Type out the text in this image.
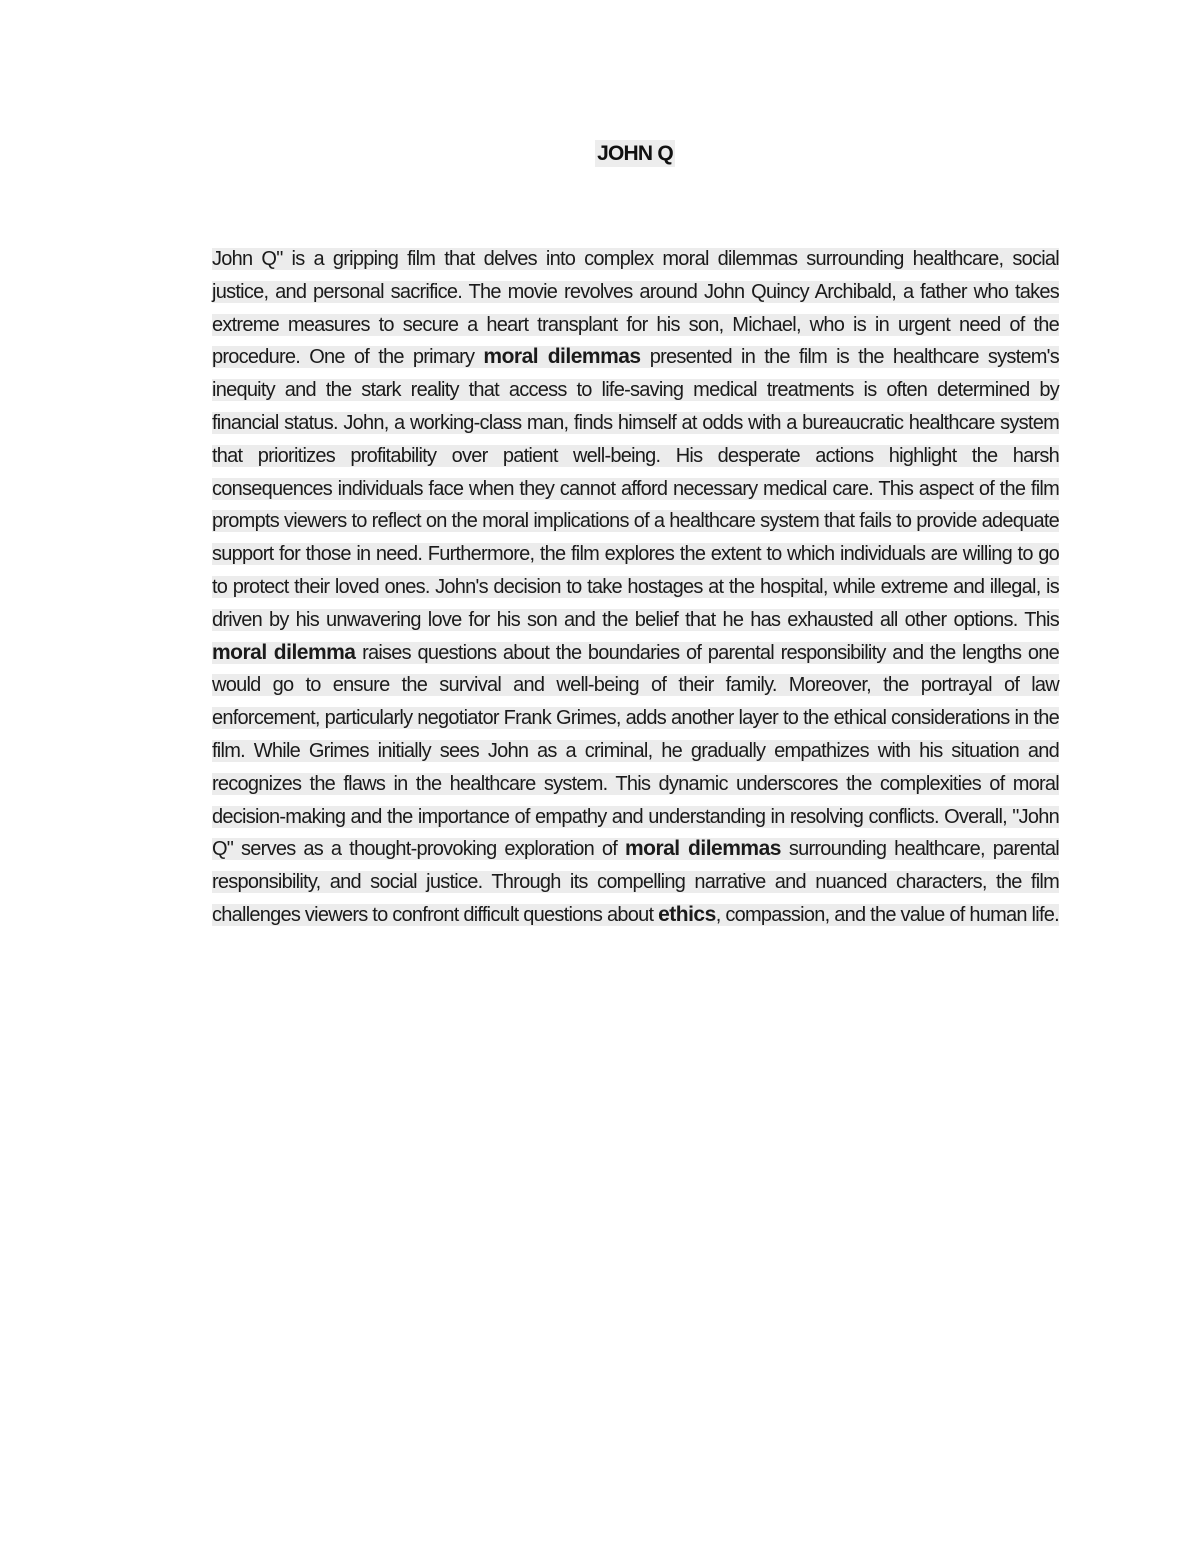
JOHN Q
John Q" is a gripping film that delves into complex moral dilemmas surrounding healthcare, social justice, and personal sacrifice. The movie revolves around John Quincy Archibald, a father who takes extreme measures to secure a heart transplant for his son, Michael, who is in urgent need of the procedure. One of the primary moral dilemmas presented in the film is the healthcare system's inequity and the stark reality that access to life-saving medical treatments is often determined by financial status. John, a working-class man, finds himself at odds with a bureaucratic healthcare system that prioritizes profitability over patient well-being. His desperate actions highlight the harsh consequences individuals face when they cannot afford necessary medical care. This aspect of the film prompts viewers to reflect on the moral implications of a healthcare system that fails to provide adequate support for those in need. Furthermore, the film explores the extent to which individuals are willing to go to protect their loved ones. John's decision to take hostages at the hospital, while extreme and illegal, is driven by his unwavering love for his son and the belief that he has exhausted all other options. This moral dilemma raises questions about the boundaries of parental responsibility and the lengths one would go to ensure the survival and well-being of their family. Moreover, the portrayal of law enforcement, particularly negotiator Frank Grimes, adds another layer to the ethical considerations in the film. While Grimes initially sees John as a criminal, he gradually empathizes with his situation and recognizes the flaws in the healthcare system. This dynamic underscores the complexities of moral decision-making and the importance of empathy and understanding in resolving conflicts. Overall, "John Q" serves as a thought-provoking exploration of moral dilemmas surrounding healthcare, parental responsibility, and social justice. Through its compelling narrative and nuanced characters, the film challenges viewers to confront difficult questions about ethics, compassion, and the value of human life.
